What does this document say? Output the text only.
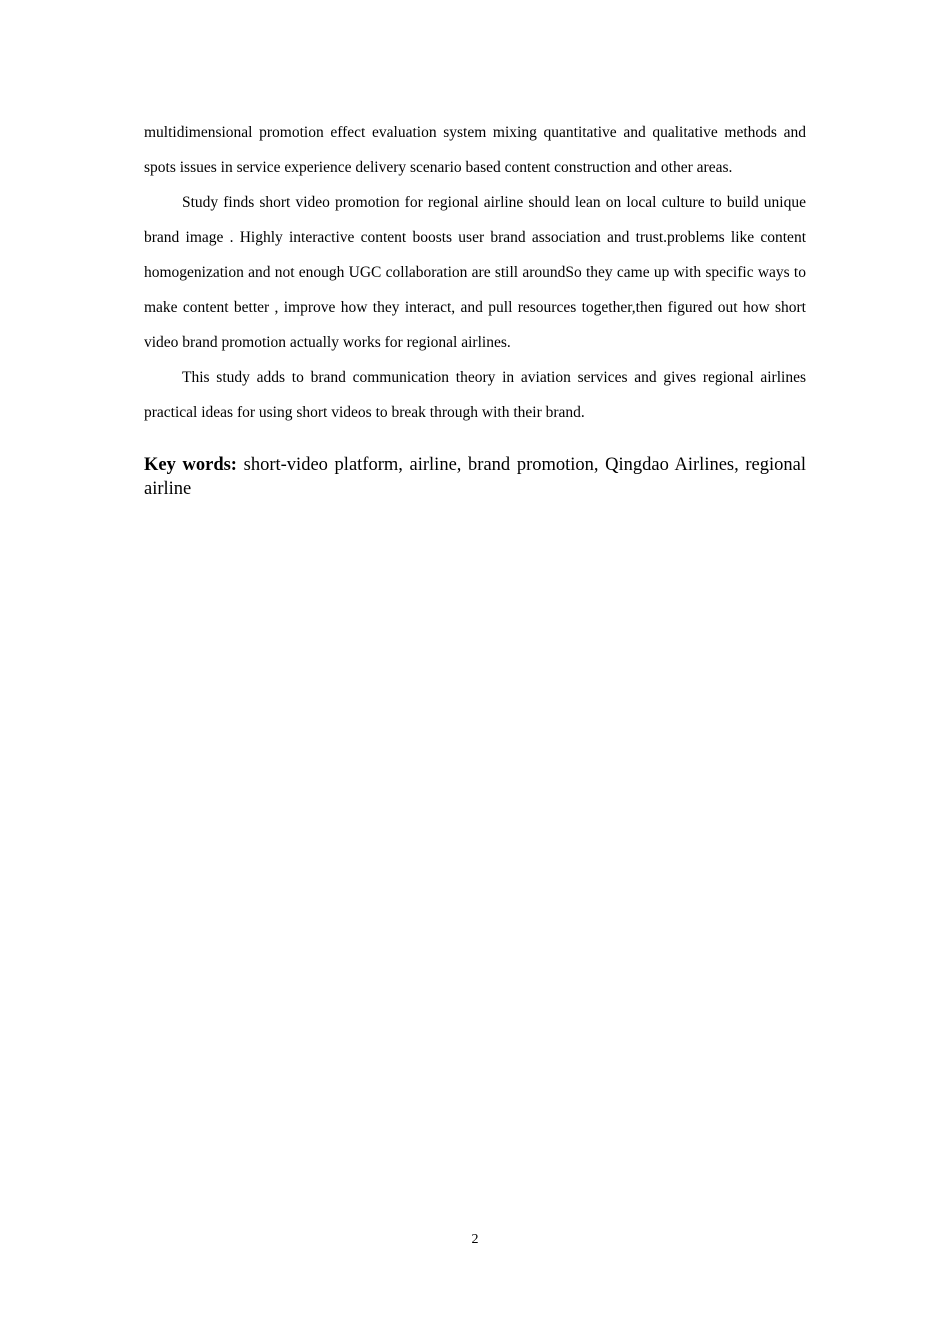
multidimensional promotion effect evaluation system mixing quantitative and qualitative methods and spots issues in service experience delivery scenario based content construction and other areas.

Study finds short video promotion for regional airline should lean on local culture to build unique brand image . Highly interactive content boosts user brand association and trust.problems like content homogenization and not enough UGC collaboration are still aroundSo they came up with specific ways to make content better , improve how they interact, and pull resources together,then figured out how short video brand promotion actually works for regional airlines.

This study adds to brand communication theory in aviation services and gives regional airlines practical ideas for using short videos to break through with their brand.

Key words: short-video platform, airline, brand promotion, Qingdao Airlines, regional airline

2
